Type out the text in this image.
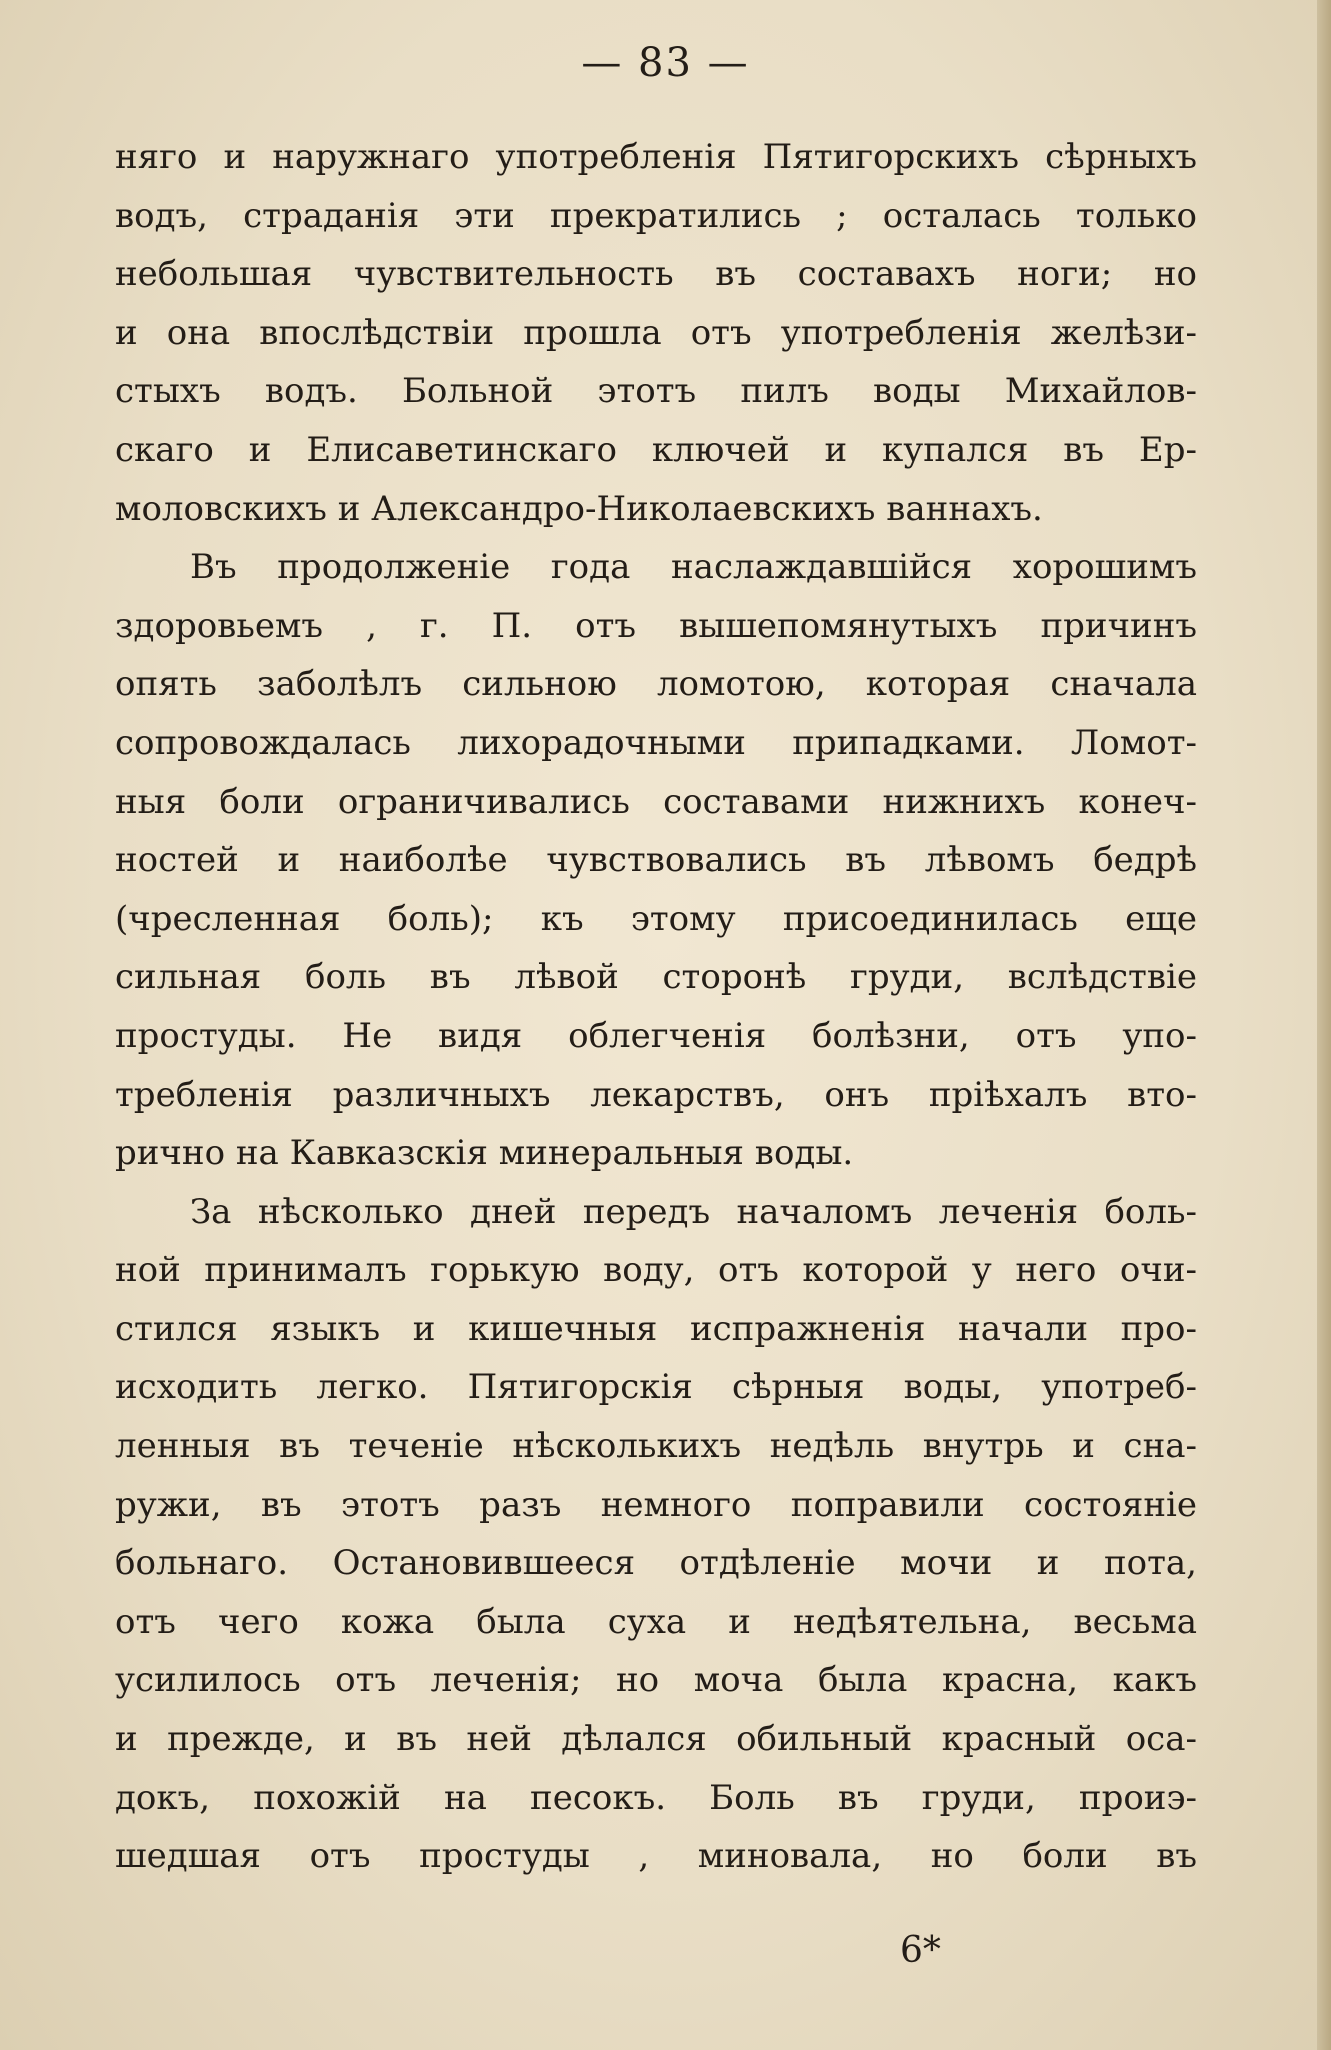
— 83 —
няго и наружнаго употребленія Пятигорскихъ сѣрныхъ
водъ, страданія эти прекратились ; осталась только
небольшая чувствительность въ составахъ ноги; но
и она впослѣдствіи прошла отъ употребленія желѣзи-
стыхъ водъ. Больной этотъ пилъ воды Михайлов-
скаго и Елисаветинскаго ключей и купался въ Ер-
моловскихъ и Александро-Николаевскихъ ваннахъ.
Въ продолженіе года наслаждавшійся хорошимъ
здоровьемъ , г. П. отъ вышепомянутыхъ причинъ
опять заболѣлъ сильною ломотою, которая сначала
сопровождалась лихорадочными припадками. Ломот-
ныя боли ограничивались составами нижнихъ конеч-
ностей и наиболѣе чувствовались въ лѣвомъ бедрѣ
(чресленная боль); къ этому присоединилась еще
сильная боль въ лѣвой сторонѣ груди, вслѣдствіе
простуды. Не видя облегченія болѣзни, отъ упо-
требленія различныхъ лекарствъ, онъ пріѣхалъ вто-
рично на Кавказскія минеральныя воды.
За нѣсколько дней передъ началомъ леченія боль-
ной принималъ горькую воду, отъ которой у него очи-
стился языкъ и кишечныя испражненія начали про-
исходить легко. Пятигорскія сѣрныя воды, употреб-
ленныя въ теченіе нѣсколькихъ недѣль внутрь и сна-
ружи, въ этотъ разъ немного поправили состояніе
больнаго. Остановившееся отдѣленіе мочи и пота,
отъ чего кожа была суха и недѣятельна, весьма
усилилось отъ леченія; но моча была красна, какъ
и прежде, и въ ней дѣлался обильный красный оса-
докъ, похожій на песокъ. Боль въ груди, проиэ-
шедшая отъ простуды , миновала, но боли въ
6*
